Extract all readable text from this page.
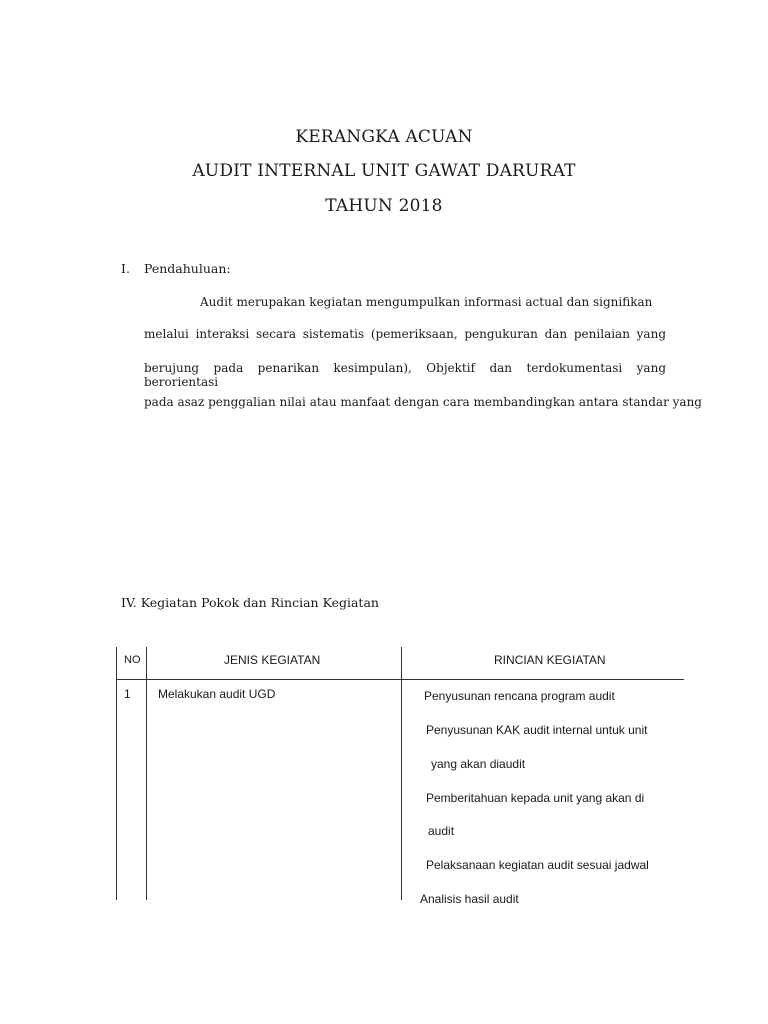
KERANGKA ACUAN
AUDIT INTERNAL UNIT GAWAT DARURAT
TAHUN 2018
I. Pendahuluan:
Audit merupakan kegiatan mengumpulkan informasi actual dan signifikan
melalui interaksi secara sistematis (pemeriksaan, pengukuran dan penilaian yang
berujung pada penarikan kesimpulan), Objektif dan terdokumentasi yang berorientasi
pada asaz penggalian nilai atau manfaat dengan cara membandingkan antara standar yang
IV. Kegiatan Pokok dan Rincian Kegiatan
NO	JENIS KEGIATAN	RINCIAN KEGIATAN
1 Melakukan audit UGD	Penyusunan rencana program audit
Penyusunan KAK audit internal untuk unit
yang akan diaudit
Pemberitahuan kepada unit yang akan di
audit
Pelaksanaan kegiatan audit sesuai jadwal
Analisis hasil audit
